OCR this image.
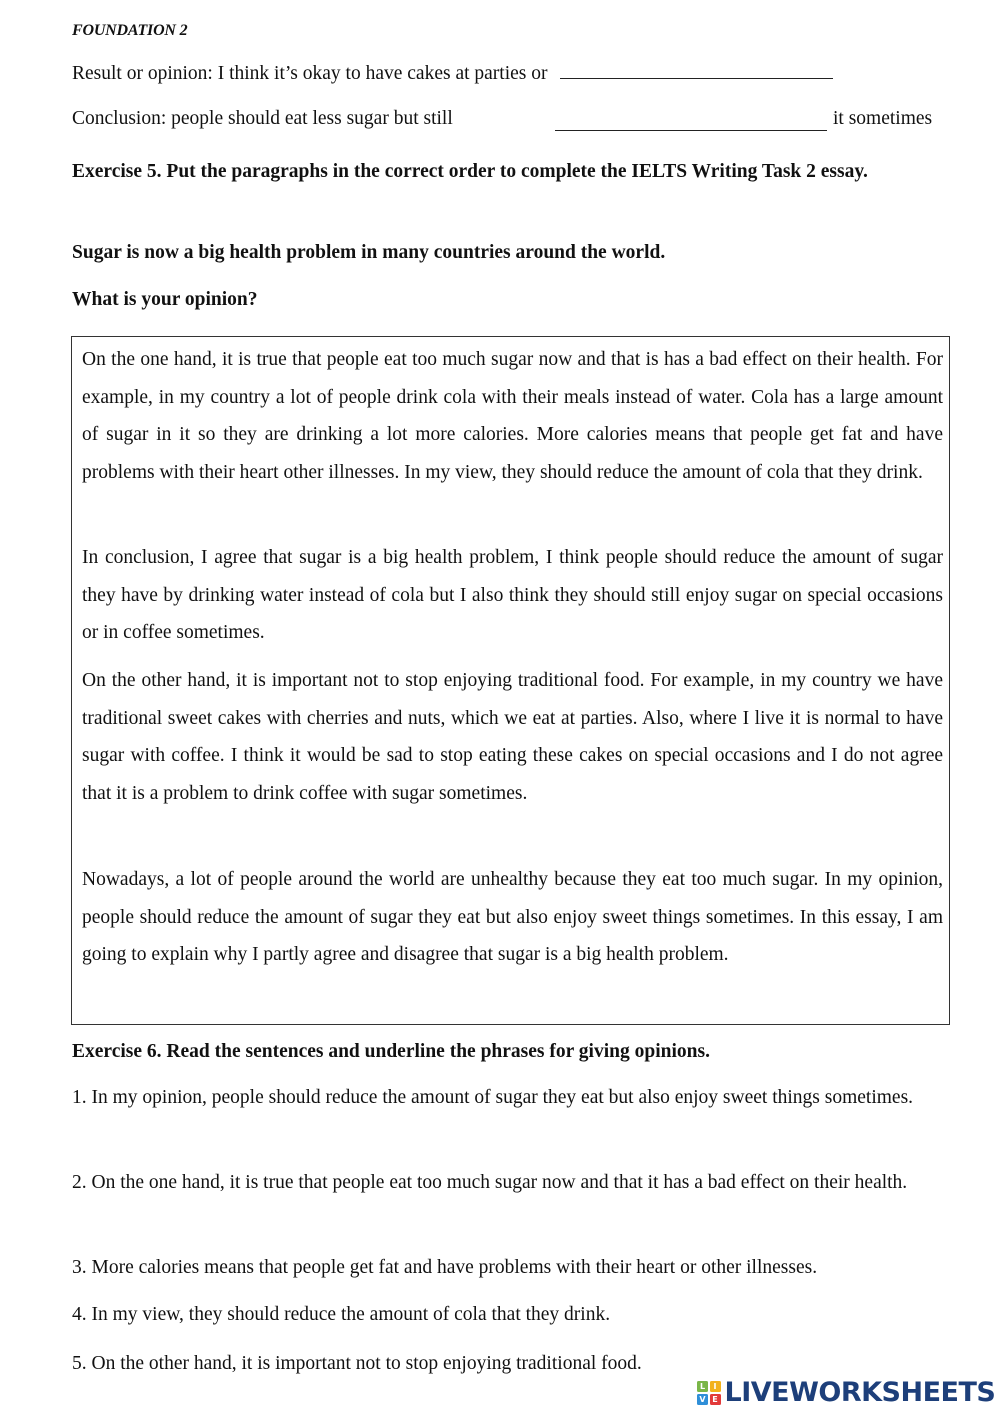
FOUNDATION 2
Result or opinion: I think it’s okay to have cakes at parties or
Conclusion: people should eat less sugar but still	it sometimes
Exercise 5. Put the paragraphs in the correct order to complete the IELTS Writing Task 2 essay.
Sugar is now a big health problem in many countries around the world.
What is your opinion?

On the one hand, it is true that people eat too much sugar now and that is has a bad effect on their health. For example, in my country a lot of people drink cola with their meals instead of water. Cola has a large amount of sugar in it so they are drinking a lot more calories. More calories means that people get fat and have problems with their heart other illnesses. In my view, they should reduce the amount of cola that they drink.

In conclusion, I agree that sugar is a big health problem, I think people should reduce the amount of sugar they have by drinking water instead of cola but I also think they should still enjoy sugar on special occasions or in coffee sometimes.

On the other hand, it is important not to stop enjoying traditional food. For example, in my country we have traditional sweet cakes with cherries and nuts, which we eat at parties. Also, where I live it is normal to have sugar with coffee. I think it would be sad to stop eating these cakes on special occasions and I do not agree that it is a problem to drink coffee with sugar sometimes.

Nowadays, a lot of people around the world are unhealthy because they eat too much sugar. In my opinion, people should reduce the amount of sugar they eat but also enjoy sweet things sometimes. In this essay, I am going to explain why I partly agree and disagree that sugar is a big health problem.

Exercise 6. Read the sentences and underline the phrases for giving opinions.
1. In my opinion, people should reduce the amount of sugar they eat but also enjoy sweet things sometimes.
2. On the one hand, it is true that people eat too much sugar now and that it has a bad effect on their health.
3. More calories means that people get fat and have problems with their heart or other illnesses.
4. In my view, they should reduce the amount of cola that they drink.
5. On the other hand, it is important not to stop enjoying traditional food.
L	I
V E LIVEWORKSHEETS
